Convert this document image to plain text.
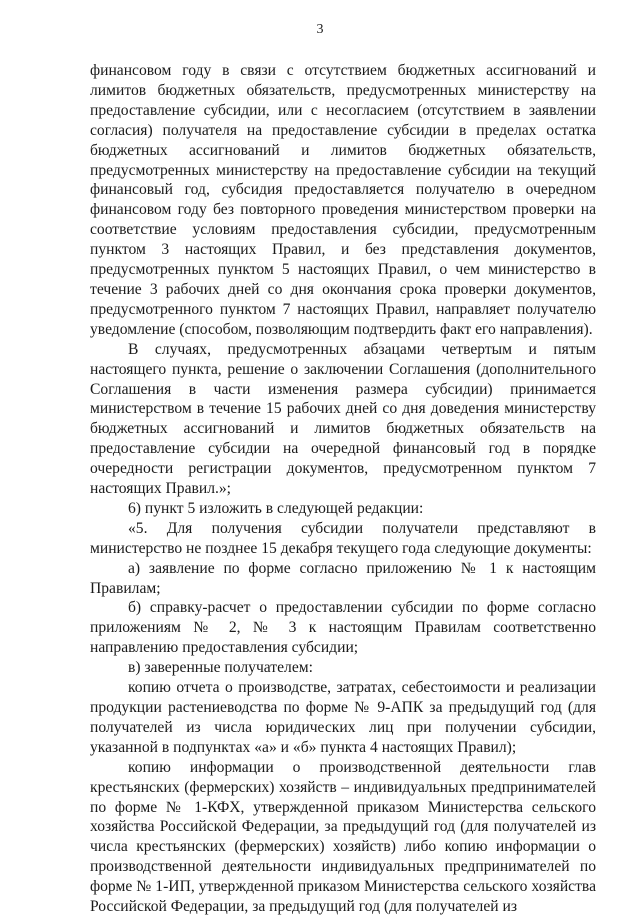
3

финансовом году в связи с отсутствием бюджетных ассигнований и лимитов бюджетных обязательств, предусмотренных министерству на предоставление субсидии, или с несогласием (отсутствием в заявлении согласия) получателя на предоставление субсидии в пределах остатка бюджетных ассигнований и лимитов бюджетных обязательств, предусмотренных министерству на предоставление субсидии на текущий финансовый год, субсидия предоставляется получателю в очередном финансовом году без повторного проведения министерством проверки на соответствие условиям предоставления субсидии, предусмотренным пунктом 3 настоящих Правил, и без представления документов, предусмотренных пунктом 5 настоящих Правил, о чем министерство в течение 3 рабочих дней со дня окончания срока проверки документов, предусмотренного пунктом 7 настоящих Правил, направляет получателю уведомление (способом, позволяющим подтвердить факт его направления).

В случаях, предусмотренных абзацами четвертым и пятым настоящего пункта, решение о заключении Соглашения (дополнительного Соглашения в части изменения размера субсидии) принимается министерством в течение 15 рабочих дней со дня доведения министерству бюджетных ассигнований и лимитов бюджетных обязательств на предоставление субсидии на очередной финансовый год в порядке очередности регистрации документов, предусмотренном пунктом 7 настоящих Правил.»;

6) пункт 5 изложить в следующей редакции:

«5. Для получения субсидии получатели представляют в министерство не позднее 15 декабря текущего года следующие документы:

а) заявление по форме согласно приложению № 1 к настоящим Правилам;

б) справку-расчет о предоставлении субсидии по форме согласно приложениям № 2, № 3 к настоящим Правилам соответственно направлению предоставления субсидии;

в) заверенные получателем:

копию отчета о производстве, затратах, себестоимости и реализации продукции растениеводства по форме № 9-АПК за предыдущий год (для получателей из числа юридических лиц при получении субсидии, указанной в подпунктах «а» и «б» пункта 4 настоящих Правил);

копию информации о производственной деятельности глав крестьянских (фермерских) хозяйств – индивидуальных предпринимателей по форме № 1-КФХ, утвержденной приказом Министерства сельского хозяйства Российской Федерации, за предыдущий год (для получателей из числа крестьянских (фермерских) хозяйств) либо копию информации о производственной деятельности индивидуальных предпринимателей по форме № 1-ИП, утвержденной приказом Министерства сельского хозяйства Российской Федерации, за предыдущий год (для получателей из
